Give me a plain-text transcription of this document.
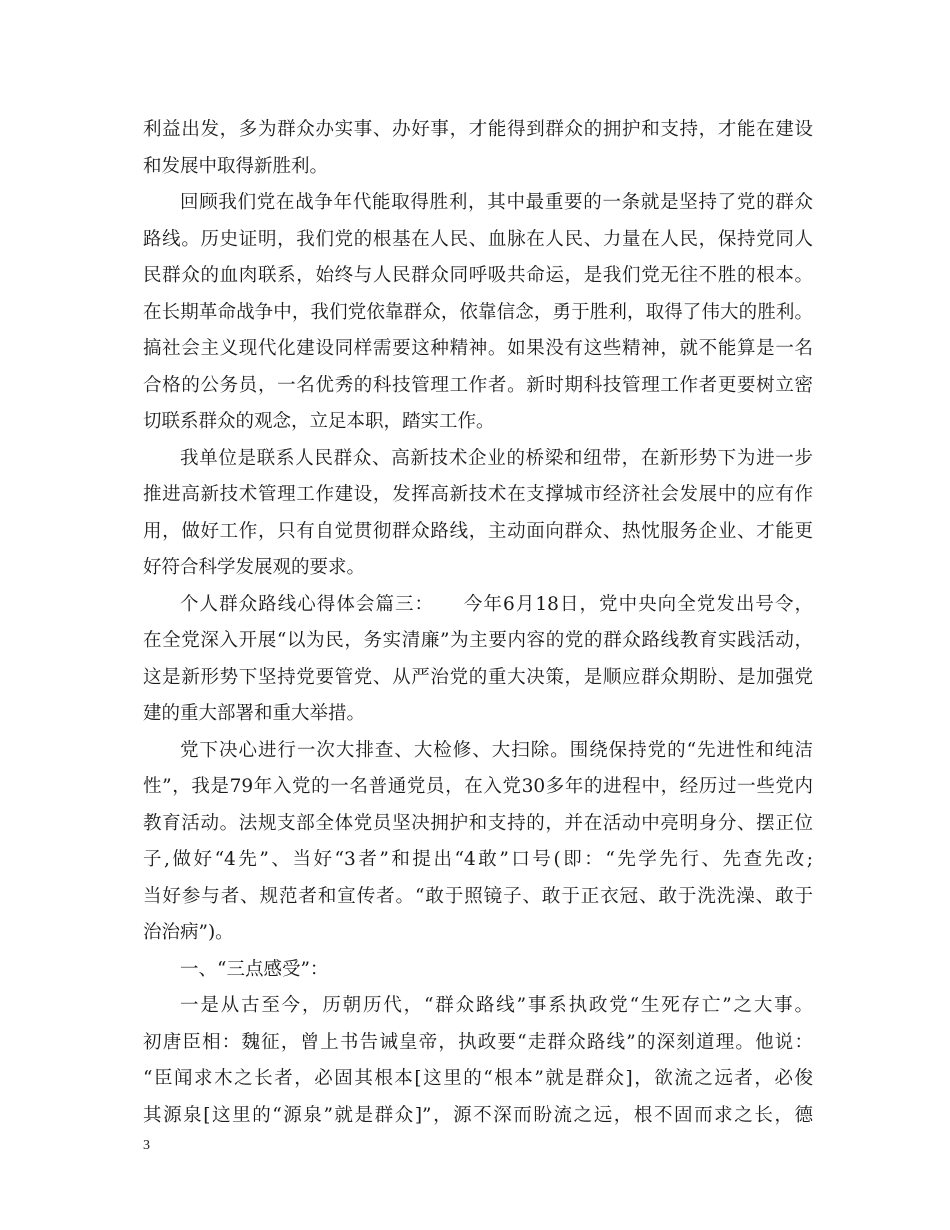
利益出发，多为群众办实事、办好事，才能得到群众的拥护和支持，才能在建设
和发展中取得新胜利。
回顾我们党在战争年代能取得胜利，其中最重要的一条就是坚持了党的群众
路线。历史证明，我们党的根基在人民、血脉在人民、力量在人民，保持党同人
民群众的血肉联系，始终与人民群众同呼吸共命运，是我们党无往不胜的根本。
在长期革命战争中，我们党依靠群众，依靠信念，勇于胜利，取得了伟大的胜利。
搞社会主义现代化建设同样需要这种精神。如果没有这些精神，就不能算是一名
合格的公务员，一名优秀的科技管理工作者。新时期科技管理工作者更要树立密
切联系群众的观念，立足本职，踏实工作。
我单位是联系人民群众、高新技术企业的桥梁和纽带，在新形势下为进一步
推进高新技术管理工作建设，发挥高新技术在支撑城市经济社会发展中的应有作
用，做好工作，只有自觉贯彻群众路线，主动面向群众、热忱服务企业、才能更
好符合科学发展观的要求。
个人群众路线心得体会篇三：　　今年6月18日，党中央向全党发出号令，
在全党深入开展“以为民，务实清廉”为主要内容的党的群众路线教育实践活动，
这是新形势下坚持党要管党、从严治党的重大决策，是顺应群众期盼、是加强党
建的重大部署和重大举措。
党下决心进行一次大排查、大检修、大扫除。围绕保持党的“先进性和纯洁
性”，我是79年入党的一名普通党员，在入党30多年的进程中，经历过一些党内
教育活动。法规支部全体党员坚决拥护和支持的，并在活动中亮明身分、摆正位
子,做好“4先”、当好“3者”和提出“4敢”口号(即：“先学先行、先查先改;
当好参与者、规范者和宣传者。“敢于照镜子、敢于正衣冠、敢于洗洗澡、敢于
治治病”)。
一、“三点感受”：
一是从古至今，历朝历代，“群众路线”事系执政党“生死存亡”之大事。
初唐臣相：魏征，曾上书告诫皇帝，执政要“走群众路线”的深刻道理。他说：
“臣闻求木之长者，必固其根本[这里的“根本”就是群众]，欲流之远者，必俊
其源泉[这里的“源泉”就是群众]”，源不深而盼流之远，根不固而求之长，德
3
